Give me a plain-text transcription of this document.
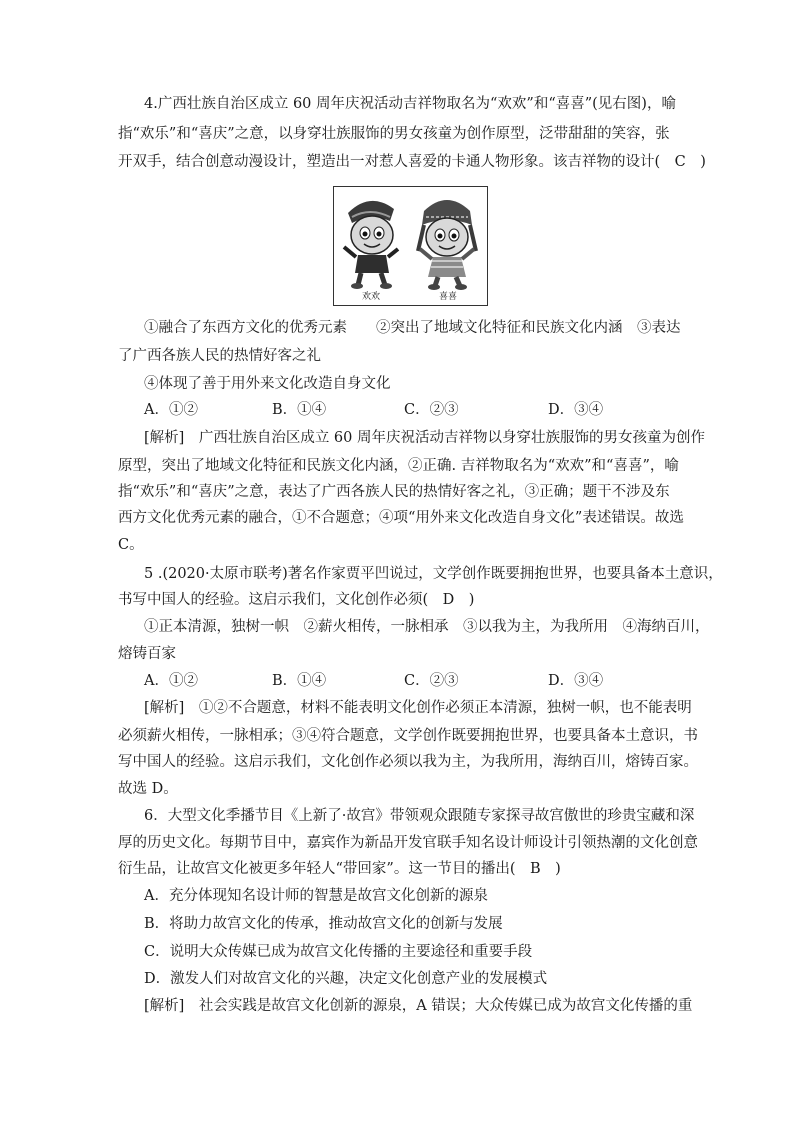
4.广西壮族自治区成立 60 周年庆祝活动吉祥物取名为“欢欢”和“喜喜”(见右图)，喻
指“欢乐”和“喜庆”之意，以身穿壮族服饰的男女孩童为创作原型，泛带甜甜的笑容，张
开双手，结合创意动漫设计，塑造出一对惹人喜爱的卡通人物形象。该吉祥物的设计(　C　)
欢欢	喜喜
①融合了东西方文化的优秀元素　　②突出了地域文化特征和民族文化内涵　③表达
了广西各族人民的热情好客之礼
④体现了善于用外来文化改造自身文化
A．①②	B．①④	C．②③	D．③④
[解析]　广西壮族自治区成立 60 周年庆祝活动吉祥物以身穿壮族服饰的男女孩童为创作
原型，突出了地域文化特征和民族文化内涵，②正确. 吉祥物取名为“欢欢”和“喜喜”，喻
指“欢乐”和“喜庆”之意，表达了广西各族人民的热情好客之礼，③正确；题干不涉及东
西方文化优秀元素的融合，①不合题意；④项“用外来文化改造自身文化”表述错误。故选
C。
5 .(2020·太原市联考)著名作家贾平凹说过，文学创作既要拥抱世界，也要具备本土意识，
书写中国人的经验。这启示我们，文化创作必须(　D　)
①正本清源，独树一帜　②薪火相传，一脉相承　③以我为主，为我所用　④海纳百川，
熔铸百家
A．①②	B．①④	C．②③	D．③④
[解析]　①②不合题意，材料不能表明文化创作必须正本清源，独树一帜，也不能表明
必须薪火相传，一脉相承；③④符合题意，文学创作既要拥抱世界，也要具备本土意识，书
写中国人的经验。这启示我们，文化创作必须以我为主，为我所用，海纳百川，熔铸百家。
故选 D。
6．大型文化季播节目《上新了·故宫》带领观众跟随专家探寻故宫傲世的珍贵宝藏和深
厚的历史文化。每期节目中，嘉宾作为新品开发官联手知名设计师设计引领热潮的文化创意
衍生品，让故宫文化被更多年轻人“带回家”。这一节目的播出(　B　)
A．充分体现知名设计师的智慧是故宫文化创新的源泉
B．将助力故宫文化的传承，推动故宫文化的创新与发展
C．说明大众传媒已成为故宫文化传播的主要途径和重要手段
D．激发人们对故宫文化的兴趣，决定文化创意产业的发展模式
[解析]　社会实践是故宫文化创新的源泉，A 错误；大众传媒已成为故宫文化传播的重
